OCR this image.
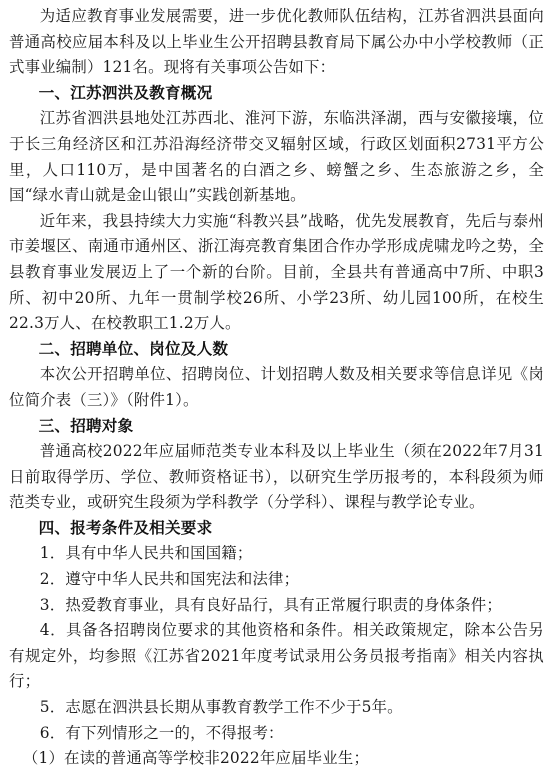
为适应教育事业发展需要，进一步优化教师队伍结构，江苏省泗洪县面向普通高校应届本科及以上毕业生公开招聘县教育局下属公办中小学校教师（正式事业编制）121名。现将有关事项公告如下：

一、江苏泗洪及教育概况

江苏省泗洪县地处江苏西北、淮河下游，东临洪泽湖，西与安徽接壤，位于长三角经济区和江苏沿海经济带交叉辐射区域，行政区划面积2731平方公里，人口110万，是中国著名的白酒之乡、螃蟹之乡、生态旅游之乡，全国“绿水青山就是金山银山”实践创新基地。

近年来，我县持续大力实施“科教兴县”战略，优先发展教育，先后与泰州市姜堰区、南通市通州区、浙江海亮教育集团合作办学形成虎啸龙吟之势，全县教育事业发展迈上了一个新的台阶。目前，全县共有普通高中7所、中职3所、初中20所、九年一贯制学校26所、小学23所、幼儿园100所，在校生22.3万人、在校教职工1.2万人。

二、招聘单位、岗位及人数

本次公开招聘单位、招聘岗位、计划招聘人数及相关要求等信息详见《岗位简介表（三）》（附件1）。

三、招聘对象

普通高校2022年应届师范类专业本科及以上毕业生（须在2022年7月31日前取得学历、学位、教师资格证书），以研究生学历报考的，本科段须为师范类专业，或研究生段须为学科教学（分学科）、课程与教学论专业。

四、报考条件及相关要求

1．具有中华人民共和国国籍；

2．遵守中华人民共和国宪法和法律；

3．热爱教育事业，具有良好品行，具有正常履行职责的身体条件；

4．具备各招聘岗位要求的其他资格和条件。相关政策规定，除本公告另有规定外，均参照《江苏省2021年度考试录用公务员报考指南》相关内容执行；

5．志愿在泗洪县长期从事教育教学工作不少于5年。

6．有下列情形之一的，不得报考：

（1）在读的普通高等学校非2022年应届毕业生；
